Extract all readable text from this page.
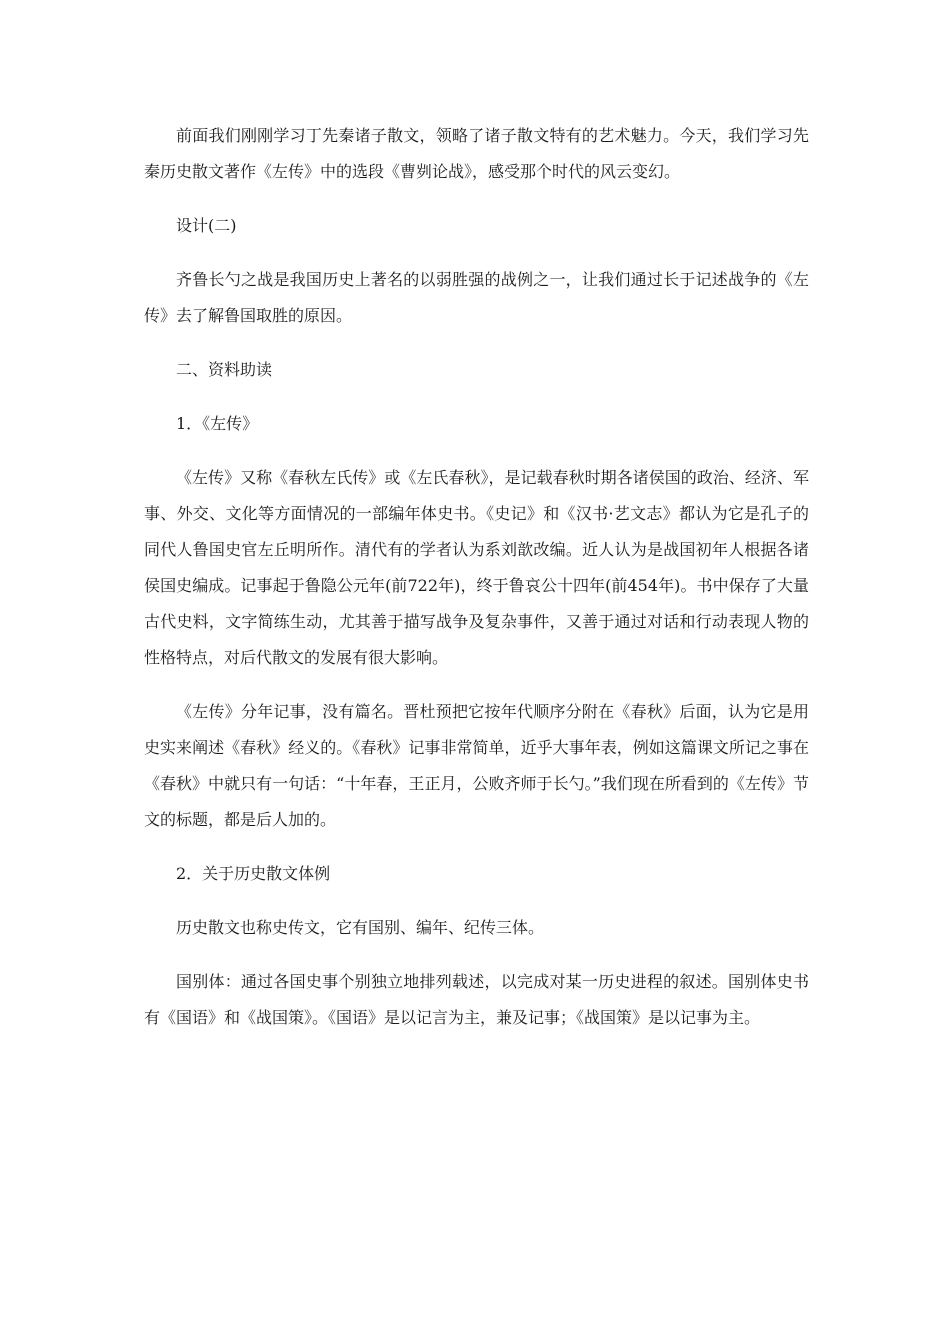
前面我们刚刚学习丁先秦诸子散文，领略了诸子散文特有的艺术魅力。今天，我们学习先秦历史散文著作《左传》中的选段《曹刿论战》，感受那个时代的风云变幻。

设计(二)

齐鲁长勺之战是我国历史上著名的以弱胜强的战例之一，让我们通过长于记述战争的《左传》去了解鲁国取胜的原因。

二、资料助读

1．《左传》

《左传》又称《春秋左氏传》或《左氏春秋》，是记载春秋时期各诸侯国的政治、经济、军事、外交、文化等方面情况的一部编年体史书。《史记》和《汉书·艺文志》都认为它是孔子的同代人鲁国史官左丘明所作。清代有的学者认为系刘歆改编。近人认为是战国初年人根据各诸侯国史编成。记事起于鲁隐公元年(前722年)，终于鲁哀公十四年(前454年)。书中保存了大量古代史料，文字简练生动，尤其善于描写战争及复杂事件，又善于通过对话和行动表现人物的性格特点，对后代散文的发展有很大影响。

《左传》分年记事，没有篇名。晋杜预把它按年代顺序分附在《春秋》后面，认为它是用史实来阐述《春秋》经义的。《春秋》记事非常简单，近乎大事年表，例如这篇课文所记之事在《春秋》中就只有一句话：“十年春，王正月，公败齐师于长勺。”我们现在所看到的《左传》节文的标题，都是后人加的。

2．关于历史散文体例

历史散文也称史传文，它有国别、编年、纪传三体。

国别体：通过各国史事个别独立地排列载述，以完成对某一历史进程的叙述。国别体史书有《国语》和《战国策》。《国语》是以记言为主，兼及记事；《战国策》是以记事为主。
